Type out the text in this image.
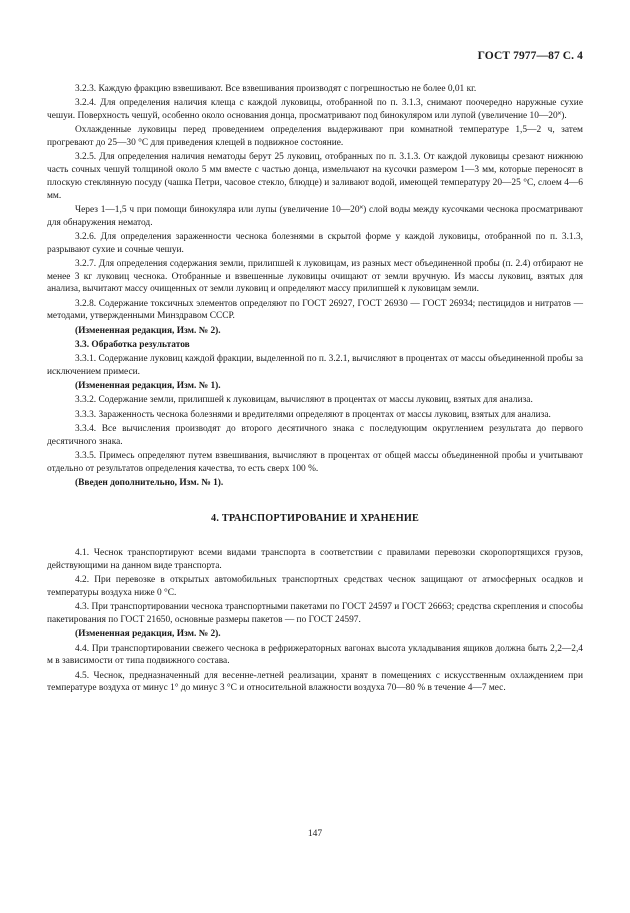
ГОСТ 7977—87 С. 4

3.2.3. Каждую фракцию взвешивают. Все взвешивания производят с погрешностью не более 0,01 кг.

3.2.4. Для определения наличия клеща с каждой луковицы, отобранной по п. 3.1.3, снимают поочередно наружные сухие чешуи. Поверхность чешуй, особенно около основания донца, просматривают под бинокуляром или лупой (увеличение 10—20˟).

Охлажденные луковицы перед проведением определения выдерживают при комнатной температуре 1,5—2 ч, затем прогревают до 25—30 °С для приведения клещей в подвижное состояние.

3.2.5. Для определения наличия нематоды берут 25 луковиц, отобранных по п. 3.1.3. От каждой луковицы срезают нижнюю часть сочных чешуй толщиной около 5 мм вместе с частью донца, измельчают на кусочки размером 1—3 мм, которые переносят в плоскую стеклянную посуду (чашка Петри, часовое стекло, блюдце) и заливают водой, имеющей температуру 20—25 °С, слоем 4—6 мм.

Через 1—1,5 ч при помощи бинокуляра или лупы (увеличение 10—20˟) слой воды между кусочками чеснока просматривают для обнаружения нематод.

3.2.6. Для определения зараженности чеснока болезнями в скрытой форме у каждой луковицы, отобранной по п. 3.1.3, разрывают сухие и сочные чешуи.

3.2.7. Для определения содержания земли, прилипшей к луковицам, из разных мест объединенной пробы (п. 2.4) отбирают не менее 3 кг луковиц чеснока. Отобранные и взвешенные луковицы очищают от земли вручную. Из массы луковиц, взятых для анализа, вычитают массу очищенных от земли луковиц и определяют массу прилипшей к луковицам земли.

3.2.8. Содержание токсичных элементов определяют по ГОСТ 26927, ГОСТ 26930 — ГОСТ 26934; пестицидов и нитратов — методами, утвержденными Минздравом СССР.

(Измененная редакция, Изм. № 2).

3.3. Обработка результатов

3.3.1. Содержание луковиц каждой фракции, выделенной по п. 3.2.1, вычисляют в процентах от массы объединенной пробы за исключением примеси.

(Измененная редакция, Изм. № 1).

3.3.2. Содержание земли, прилипшей к луковицам, вычисляют в процентах от массы луковиц, взятых для анализа.

3.3.3. Зараженность чеснока болезнями и вредителями определяют в процентах от массы луковиц, взятых для анализа.

3.3.4. Все вычисления производят до второго десятичного знака с последующим округлением результата до первого десятичного знака.

3.3.5. Примесь определяют путем взвешивания, вычисляют в процентах от общей массы объединенной пробы и учитывают отдельно от результатов определения качества, то есть сверх 100 %.

(Введен дополнительно, Изм. № 1).

4. ТРАНСПОРТИРОВАНИЕ И ХРАНЕНИЕ

4.1. Чеснок транспортируют всеми видами транспорта в соответствии с правилами перевозки скоропортящихся грузов, действующими на данном виде транспорта.

4.2. При перевозке в открытых автомобильных транспортных средствах чеснок защищают от атмосферных осадков и температуры воздуха ниже 0 °С.

4.3. При транспортировании чеснока транспортными пакетами по ГОСТ 24597 и ГОСТ 26663; средства скрепления и способы пакетирования по ГОСТ 21650, основные размеры пакетов — по ГОСТ 24597.

(Измененная редакция, Изм. № 2).

4.4. При транспортировании свежего чеснока в рефрижераторных вагонах высота укладывания ящиков должна быть 2,2—2,4 м в зависимости от типа подвижного состава.

4.5. Чеснок, предназначенный для весенне-летней реализации, хранят в помещениях с искусственным охлаждением при температуре воздуха от минус 1° до минус 3 °С и относительной влажности воздуха 70—80 % в течение 4—7 мес.

147
